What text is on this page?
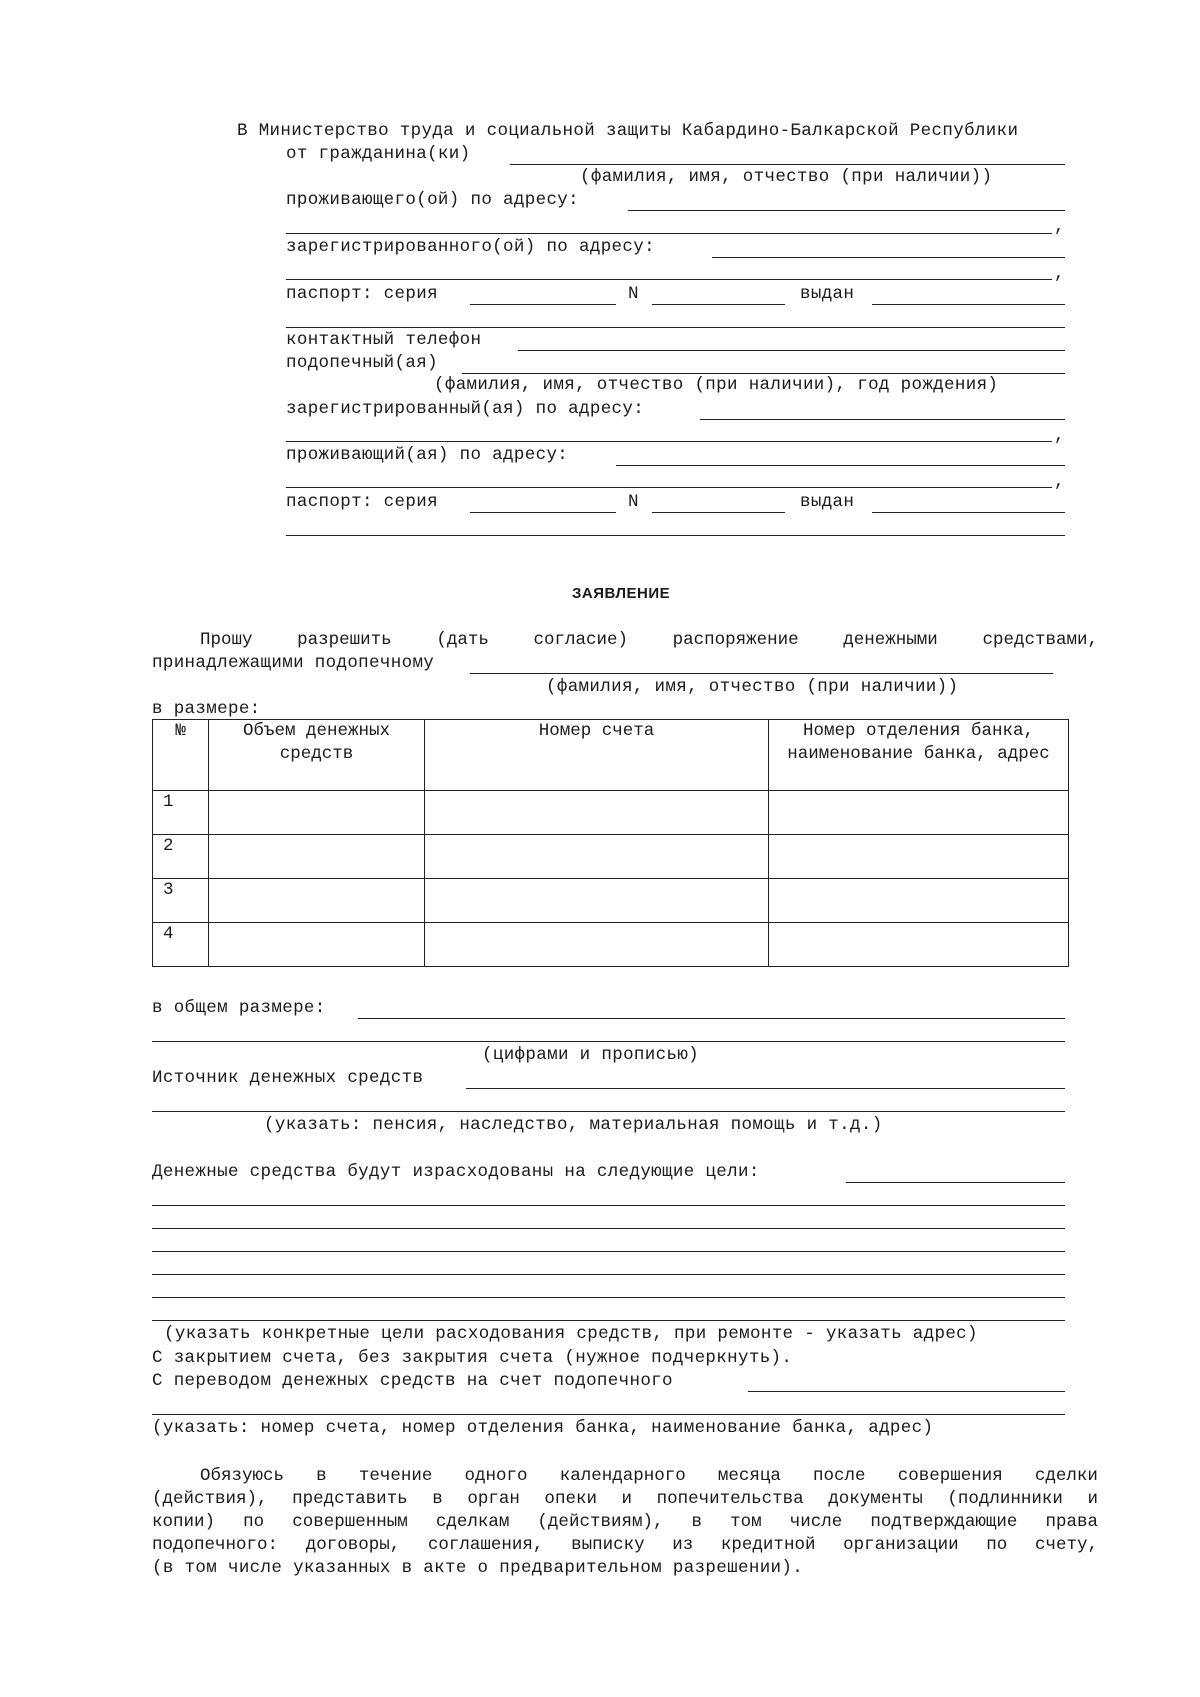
В Министерство труда и социальной защиты Кабардино-Балкарской Республики
от гражданина(ки)
(фамилия, имя, отчество (при наличии))
проживающего(ой) по адресу:
,
зарегистрированного(ой) по адресу:
,
паспорт: серия	N	выдан
контактный телефон
подопечный(ая)
(фамилия, имя, отчество (при наличии), год рождения)
зарегистрированный(ая) по адресу:
,
проживающий(ая) по адресу:
,
паспорт: серия	N	выдан
ЗАЯВЛЕНИЕ
Прошу	разрешить	(дать	согласие)	распоряжение	денежными	средствами,
принадлежащими подопечному
(фамилия, имя, отчество (при наличии))
в размере:
№	Объем денежных средств	Номер счета	Номер отделения банка, наименование банка, адрес
1			
2			
3			
4			
в общем размере:
(цифрами и прописью)
Источник денежных средств
(указать: пенсия, наследство, материальная помощь и т.д.)
Денежные средства будут израсходованы на следующие цели:
(указать конкретные цели расходования средств, при ремонте - указать адрес)
С закрытием счета, без закрытия счета (нужное подчеркнуть).
С переводом денежных средств на счет подопечного
(указать: номер счета, номер отделения банка, наименование банка, адрес)
Обязуюсь в течение одного календарного месяца после совершения сделки
(действия), представить в орган опеки и попечительства документы (подлинники и
копии) по совершенным сделкам (действиям), в том числе подтверждающие права
подопечного: договоры, соглашения, выписку из кредитной организации по счету,
(в том числе указанных в акте о предварительном разрешении).
